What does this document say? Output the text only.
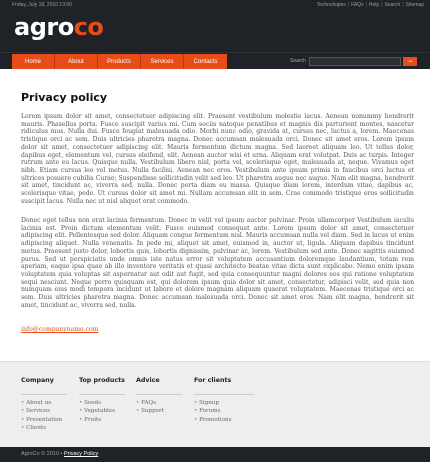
Friday, July 18, 2010 13:00	Technologies | FAQs | Help | Search | Sitemap
agroco
Home	About	Products	Services	Contacts	Search	→
Privacy policy

Lorem ipsum dolor sit amet, consectetuer adipiscing elit. Praesent vestibulum molestie lacus. Aenean nonummy hendrerit mauris. Phasellus porta. Fusce suscipit varius mi. Cum sociis natoque penatibus et magnis dis parturient montes, nascetur ridiculus mus. Nulla dui. Fusce feugiat malesuada odio. Morbi nunc odio, gravida at, cursus nec, luctus a, lorem. Maecenas tristique orci ac sem. Duis ultricies pharetra magna. Donec accumsan malesuada orci. Donec sit amet eros. Lorem ipsum dolor sit amet, consectetuer adipiscing elit. Mauris fermentum dictum magna. Sed laoreet aliquam leo. Ut tellus dolor, dapibus eget, elementum vel, cursus eleifend, elit. Aenean auctor wisi et urna. Aliquam erat volutpat. Duis ac turpis. Integer rutrum ante eu lacus. Quisque nulla. Vestibulum libero nisl, porta vel, scelerisque eget, malesuada at, neque. Vivamus eget nibh. Etiam cursus leo vel metus. Nulla facilisi. Aenean nec eros. Vestibulum ante ipsum primis in faucibus orci luctus et ultrices posuere cubilia Curae; Suspendisse sollicitudin velit sed leo. Ut pharetra augue nec augue. Nam elit magna, hendrerit sit amet, tincidunt ac, viverra sed, nulla. Donec porta diam eu massa. Quisque diam lorem, interdum vitae, dapibus ac, scelerisque vitae, pede. Ut cursus dolor sit amet mi. Nullam accumsan elit in sem. Cras commodo tristique eros sollicitudin suscipit lacus. Nulla nec ut nisl aliquet erat commodo.

Donec eget tellus non erat lacinia fermentum. Donec in velit vel ipsum auctor pulvinar. Proin ullamcorper Vestibulum iaculis lacinia est. Proin dictum elementum velit. Fusce euismod consequat ante. Lorem ipsum dolor sit amet, consectetuer adipiscing elit. Pellentesque sed dolor. Aliquam congue fermentum nisl. Mauris accumsan nulla vel diam. Sed in lacus ut enim adipiscing aliquet. Nulla venenatis. In pede mi, aliquet sit amet, euismod in, auctor ut, ligula. Aliquam dapibus tincidunt metus. Praesent justo dolor, lobortis quis, lobortis dignissim, pulvinar ac, lorem. Vestibulum sed ante. Donec sagittis euismod purus. Sed ut perspiciatis unde omnis iste natus error sit voluptatem accusantium doloremque laudantium, totam rem aperiam, eaque ipsa quae ab illo inventore veritatis et quasi architecto beatae vitae dicta sunt explicabo. Nemo enim ipsam voluptatem quia voluptas sit aspernatur aut odit aut fugit, sed quia consequuntur magni dolores eos qui ratione voluptatem sequi nesciunt. Neque porro quisquam est, qui dolorem ipsum quia dolor sit amet, consectetur, adipisci velit, sed quia non numquam eius modi tempora incidunt ut labore et dolore magnam aliquam quaerat voluptatem. Maecenas tristique orci ac sem. Duis ultricies pharetra magna. Donec accumsan malesuada orci. Donec sit amet eros. Nam elit magna, hendrerit sit amet, tincidunt ac, viverra sed, nulla.

info@companyname.com
Company
• About us
• Services
• Presentation
• Clients
Top products
• Seeds
• Vegetables
• Fruits
Advice
• FAQs
• Support
For clients
• Signup
• Forums
• Promotions
AgroCo © 2010 • Privacy Policy
